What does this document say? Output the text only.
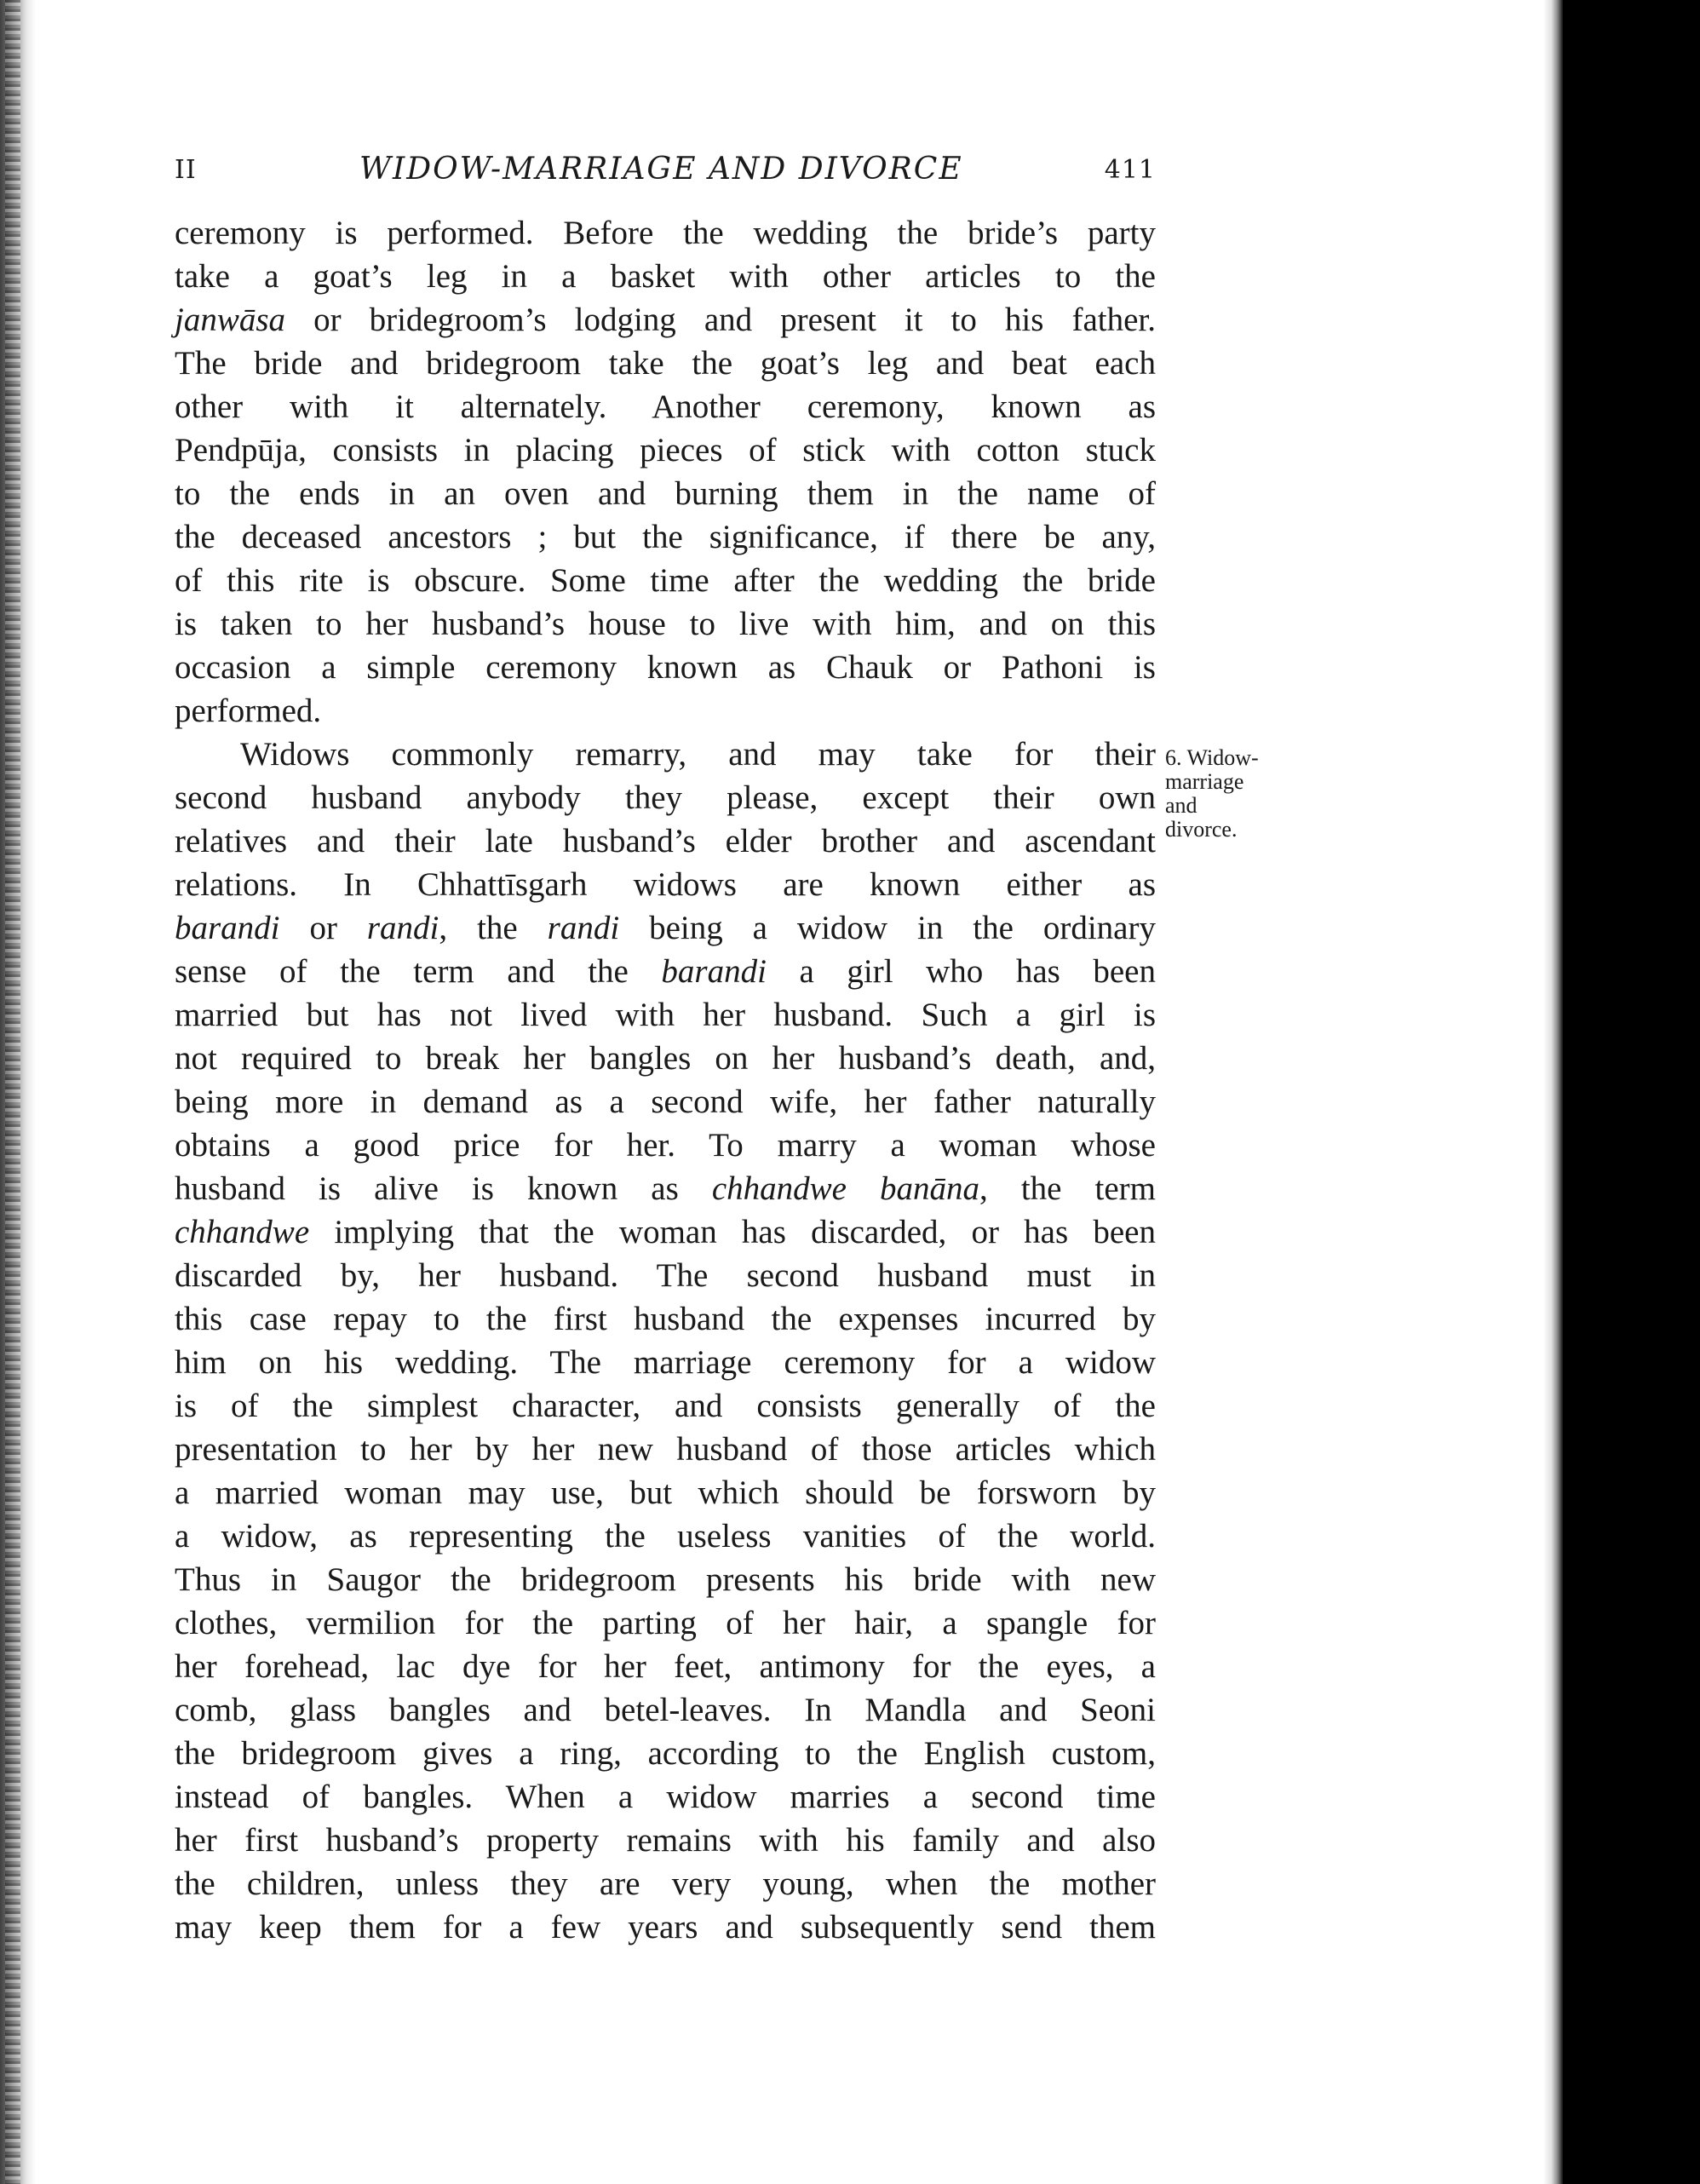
II	WIDOW-MARRIAGE AND DIVORCE	411
ceremony is performed. Before the wedding the bride’s party
take a goat’s leg in a basket with other articles to the
janwāsa or bridegroom’s lodging and present it to his father.
The bride and bridegroom take the goat’s leg and beat each
other with it alternately. Another ceremony, known as
Pendpūja, consists in placing pieces of stick with cotton stuck
to the ends in an oven and burning them in the name of
the deceased ancestors ; but the significance, if there be any,
of this rite is obscure. Some time after the wedding the bride
is taken to her husband’s house to live with him, and on this
occasion a simple ceremony known as Chauk or Pathoni is
performed.
Widows commonly remarry, and may take for their
second husband anybody they please, except their own
relatives and their late husband’s elder brother and ascendant
relations. In Chhattīsgarh widows are known either as
barandi or randi, the randi being a widow in the ordinary
sense of the term and the barandi a girl who has been
married but has not lived with her husband. Such a girl is
not required to break her bangles on her husband’s death, and,
being more in demand as a second wife, her father naturally
obtains a good price for her. To marry a woman whose
husband is alive is known as chhandwe banāna, the term
chhandwe implying that the woman has discarded, or has been
discarded by, her husband. The second husband must in
this case repay to the first husband the expenses incurred by
him on his wedding. The marriage ceremony for a widow
is of the simplest character, and consists generally of the
presentation to her by her new husband of those articles which
a married woman may use, but which should be forsworn by
a widow, as representing the useless vanities of the world.
Thus in Saugor the bridegroom presents his bride with new
clothes, vermilion for the parting of her hair, a spangle for
her forehead, lac dye for her feet, antimony for the eyes, a
comb, glass bangles and betel-leaves. In Mandla and Seoni
the bridegroom gives a ring, according to the English custom,
instead of bangles. When a widow marries a second time
her first husband’s property remains with his family and also
the children, unless they are very young, when the mother
may keep them for a few years and subsequently send them
6. Widow-
marriage
and
divorce.
